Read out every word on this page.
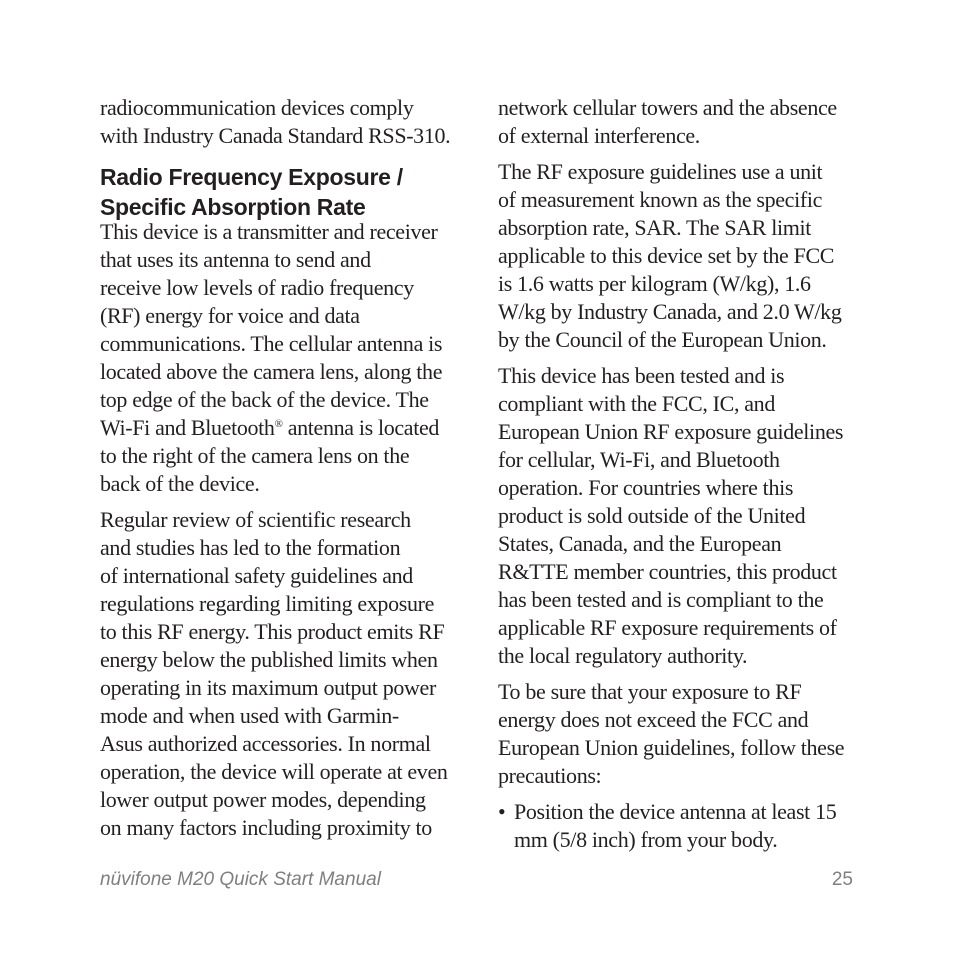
radiocommunication devices comply
with Industry Canada Standard RSS-310.

Radio Frequency Exposure /
Specific Absorption Rate

This device is a transmitter and receiver
that uses its antenna to send and
receive low levels of radio frequency
(RF) energy for voice and data
communications. The cellular antenna is
located above the camera lens, along the
top edge of the back of the device. The
Wi-Fi and Bluetooth® antenna is located
to the right of the camera lens on the
back of the device.

Regular review of scientific research
and studies has led to the formation
of international safety guidelines and
regulations regarding limiting exposure
to this RF energy. This product emits RF
energy below the published limits when
operating in its maximum output power
mode and when used with Garmin-
Asus authorized accessories. In normal
operation, the device will operate at even
lower output power modes, depending
on many factors including proximity to

network cellular towers and the absence
of external interference.

The RF exposure guidelines use a unit
of measurement known as the specific
absorption rate, SAR. The SAR limit
applicable to this device set by the FCC
is 1.6 watts per kilogram (W/kg), 1.6
W/kg by Industry Canada, and 2.0 W/kg
by the Council of the European Union.

This device has been tested and is
compliant with the FCC, IC, and
European Union RF exposure guidelines
for cellular, Wi-Fi, and Bluetooth
operation. For countries where this
product is sold outside of the United
States, Canada, and the European
R&TTE member countries, this product
has been tested and is compliant to the
applicable RF exposure requirements of
the local regulatory authority.

To be sure that your exposure to RF
energy does not exceed the FCC and
European Union guidelines, follow these
precautions:

• Position the device antenna at least 15
mm (5/8 inch) from your body.
nüvifone M20 Quick Start Manual	25
